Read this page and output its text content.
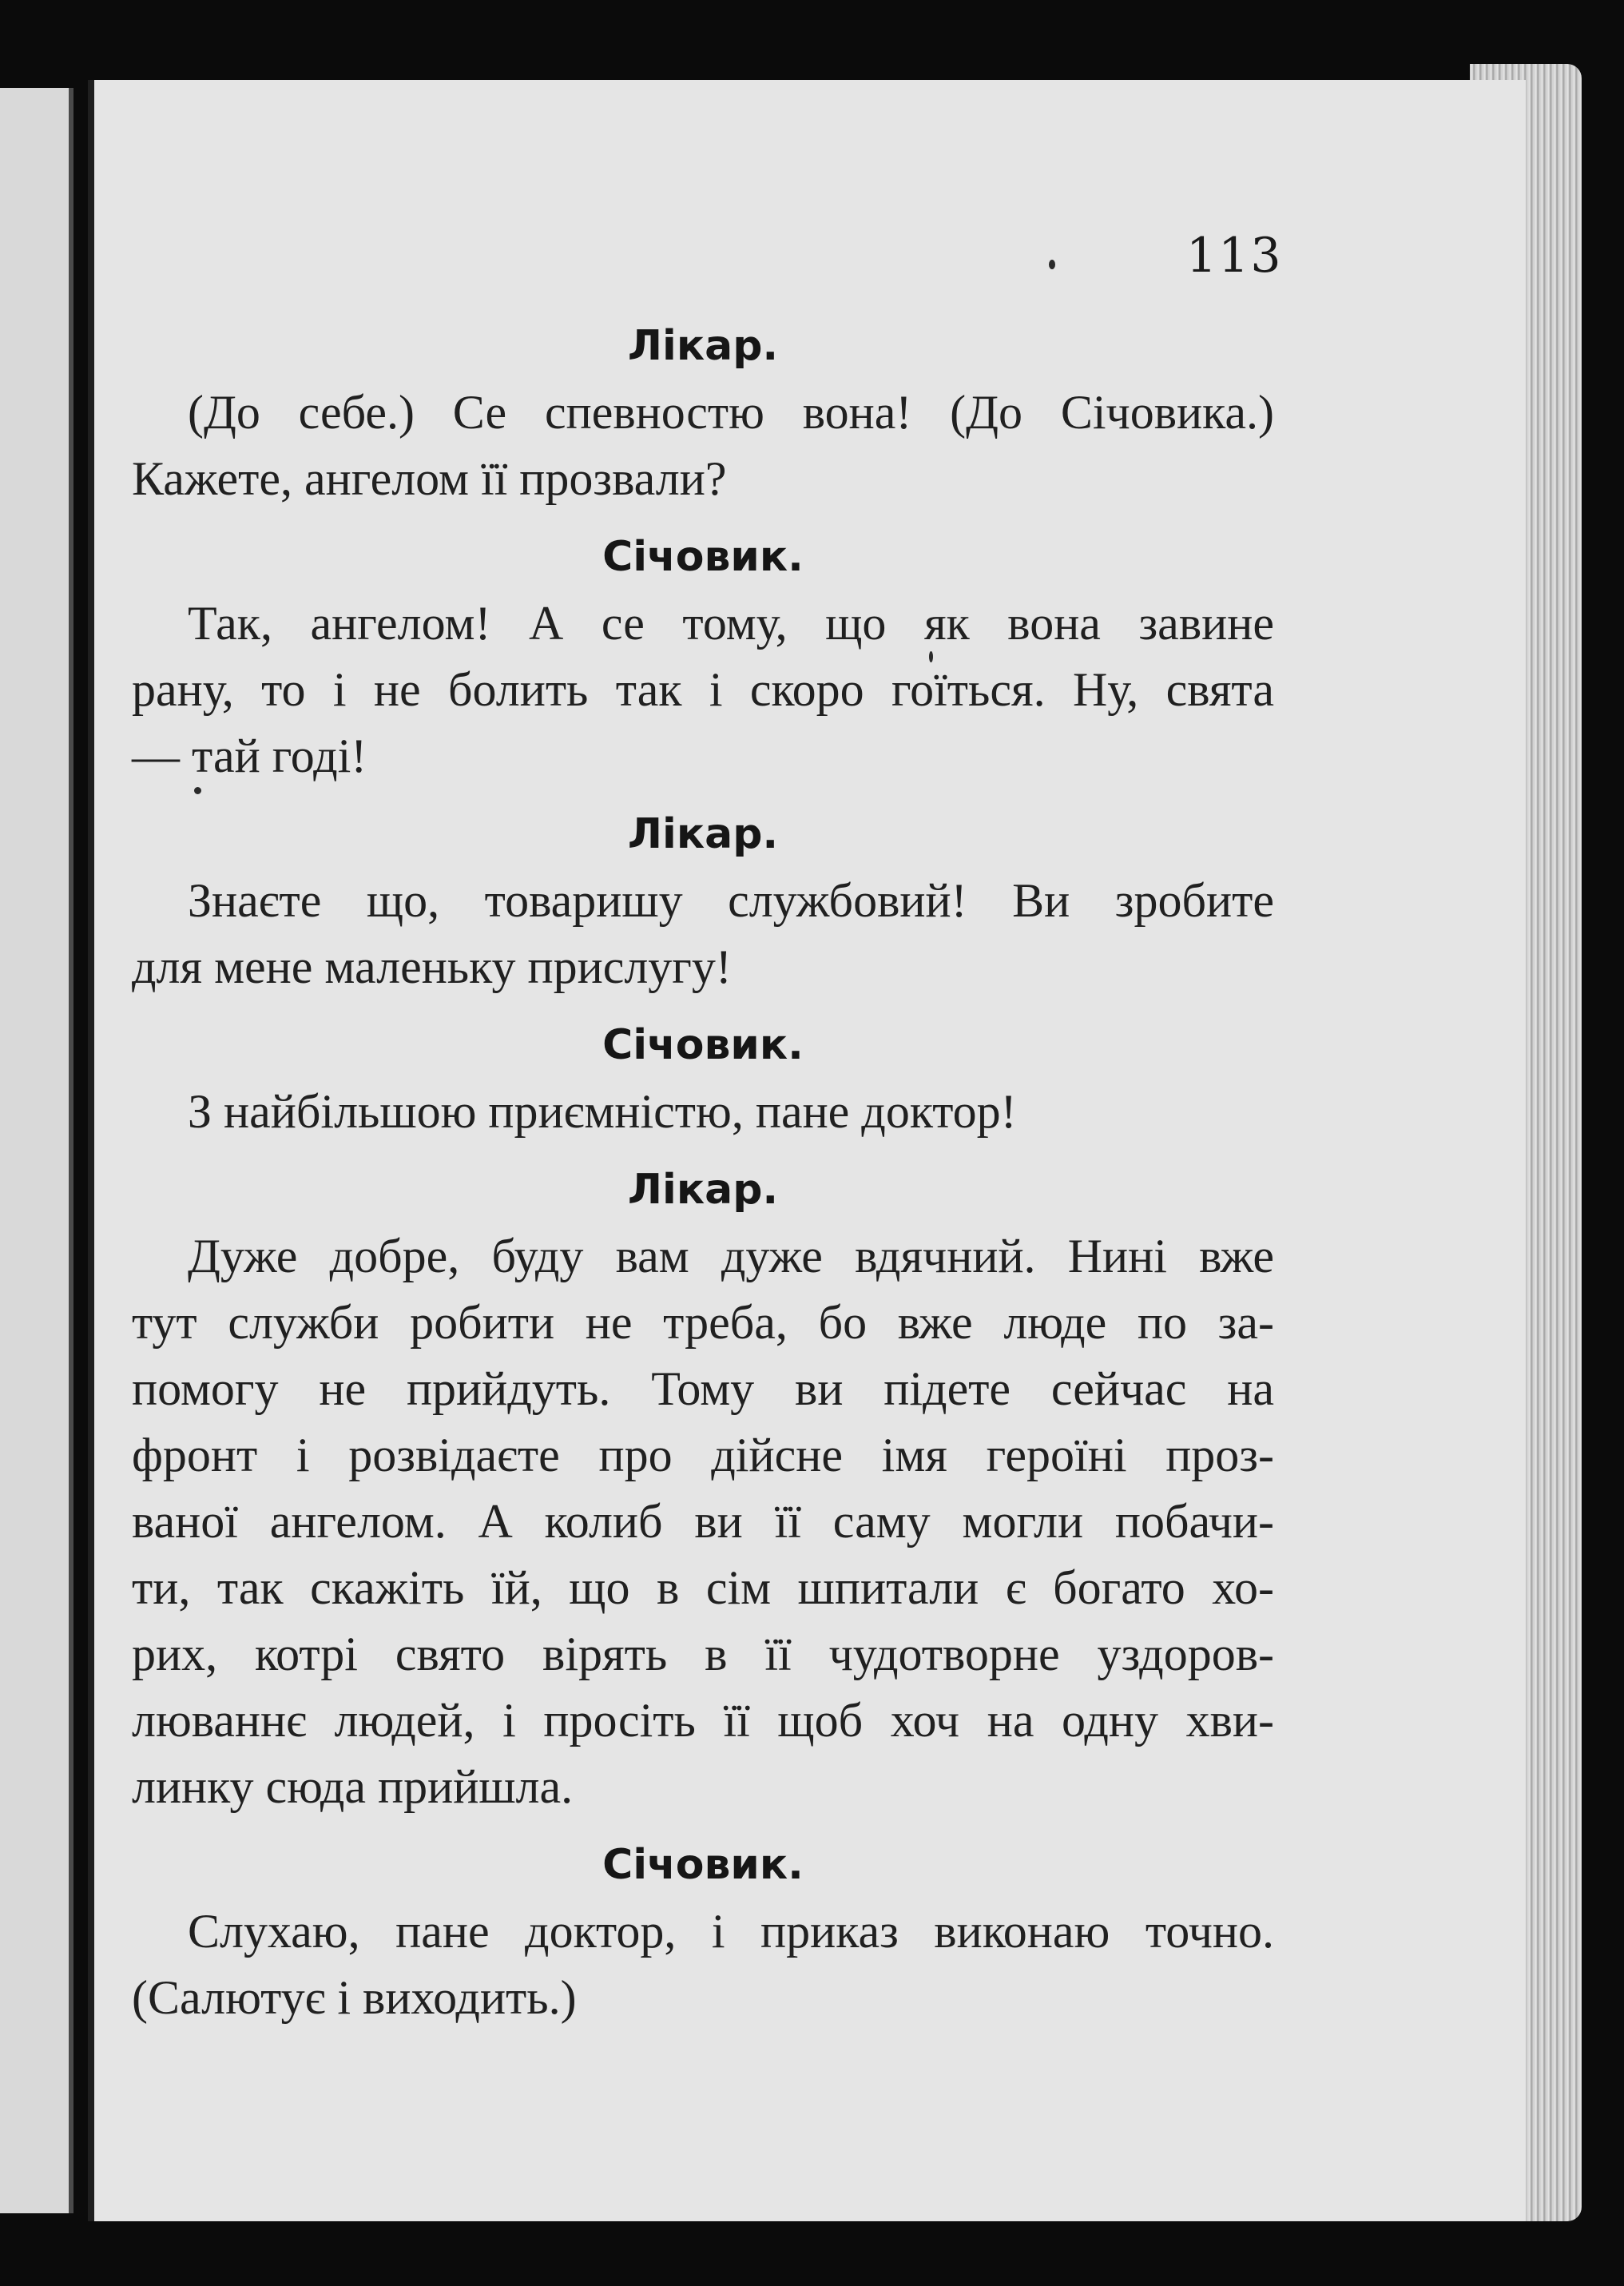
113

Лікар.

(До себе.) Се спевностю вона! (До Січовика.)

Кажете, ангелом її прозвали?

Січовик.

Так, ангелом! А се тому, що як вона завине

рану, то і не болить так і скоро гоїться. Ну, свята

— тай годі!

Лікар.

Знаєте що, товаришу службовий! Ви зробите

для мене маленьку прислугу!

Січовик.

З найбільшою приємністю, пане доктор!

Лікар.

Дуже добре, буду вам дуже вдячний. Нині вже

тут служби робити не треба, бо вже люде по за-

помогу не прийдуть. Тому ви підете сейчас на

фронт і розвідаєте про дійсне імя героїні проз-

ваної ангелом. А колиб ви її саму могли побачи-

ти, так скажіть їй, що в сім шпитали є богато хо-

рих, котрі свято вірять в її чудотворне уздоров-

люваннє людей, і просіть її щоб хоч на одну хви-

линку сюда прийшла.

Січовик.

Слухаю, пане доктор, і приказ виконаю точно.

(Салютує і виходить.)
